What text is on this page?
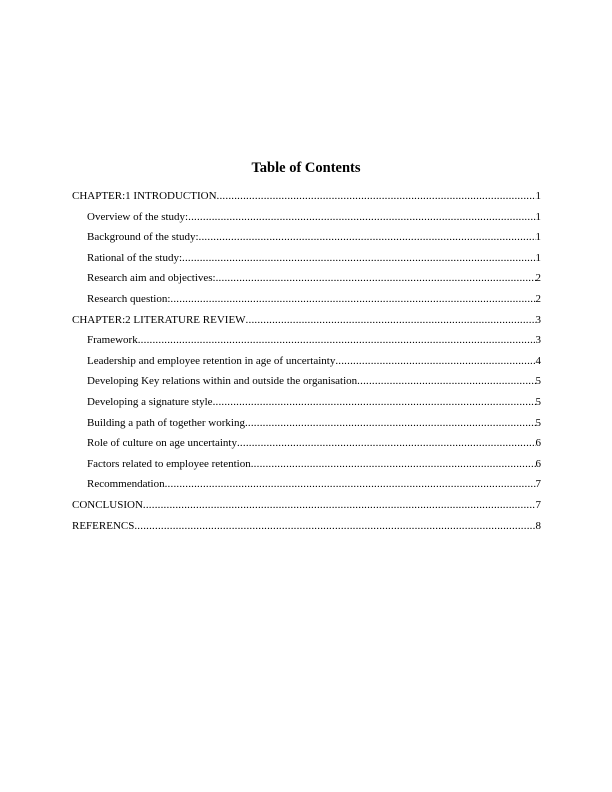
Table of Contents
CHAPTER:1 INTRODUCTION .....	1
Overview of the study: .....	1
Background of the study: .....	1
Rational of the study: .....	1
Research aim and objectives: .....	2
Research question: .....	2
CHAPTER:2 LITERATURE REVIEW .....	3
Framework .....	3
Leadership and employee retention in age of uncertainty .....	4
Developing Key relations within and outside the organisation .....	5
Developing a signature style .....	5
Building a path of together working .....	5
Role of culture on age uncertainty .....	6
Factors related to employee retention .....	6
Recommendation .....	7
CONCLUSION .....	7
REFERENCS .....	8
